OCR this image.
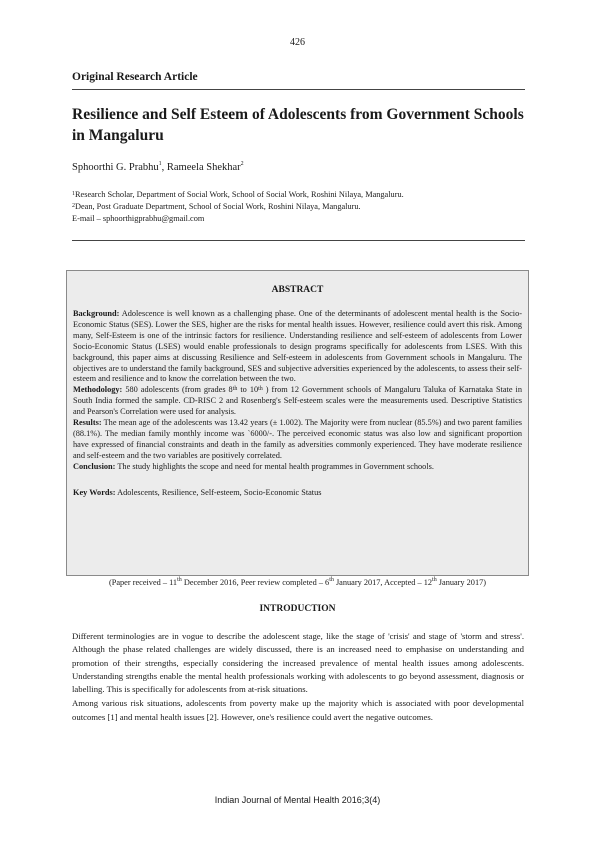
426
Original Research Article
Resilience and Self Esteem of Adolescents from Government Schools in Mangaluru
Sphoorthi G. Prabhu$^1$, Rameela Shekhar$^2$
$^1$Research Scholar, Department of Social Work, School of Social Work, Roshini Nilaya, Mangaluru.
$^2$Dean, Post Graduate Department, School of Social Work, Roshini Nilaya, Mangaluru.
E-mail – sphoorthigprabhu@gmail.com
ABSTRACT

Background: Adolescence is well known as a challenging phase. One of the determinants of adolescent mental health is the Socio-Economic Status (SES). Lower the SES, higher are the risks for mental health issues. However, resilience could avert this risk. Among many, Self-Esteem is one of the intrinsic factors for resilience. Understanding resilience and self-esteem of adolescents from Lower Socio-Economic Status (LSES) would enable professionals to design programs specifically for adolescents from LSES. With this background, this paper aims at discussing Resilience and Self-esteem in adolescents from Government schools in Mangaluru. The objectives are to understand the family background, SES and subjective adversities experienced by the adolescents, to assess their self-esteem and resilience and to know the correlation between the two.

Methodology: 580 adolescents (from grades 8th to 10th ) from 12 Government schools of Mangaluru Taluka of Karnataka State in South India formed the sample. CD-RISC 2 and Rosenberg's Self-esteem scales were the measurements used. Descriptive Statistics and Pearson's Correlation were used for analysis.

Results: The mean age of the adolescents was 13.42 years (± 1.002). The Majority were from nuclear (85.5%) and two parent families (88.1%). The median family monthly income was `6000/-. The perceived economic status was also low and significant proportion have expressed of financial constraints and death in the family as adversities commonly experienced. They have moderate resilience and self-esteem and the two variables are positively correlated.

Conclusion: The study highlights the scope and need for mental health programmes in Government schools.

Key Words: Adolescents, Resilience, Self-esteem, Socio-Economic Status

(Paper received – 11th December 2016, Peer review completed – 6th January 2017, Accepted – 12th January 2017)
INTRODUCTION

Different terminologies are in vogue to describe the adolescent stage, like the stage of 'crisis' and stage of 'storm and stress'. Although the phase related challenges are widely discussed, there is an increased need to emphasise on understanding and promotion of their strengths, especially considering the increased prevalence of mental health issues among adolescents. Understanding strengths enable the mental health professionals working with adolescents to go beyond assessment, diagnosis or labelling. This is specifically for adolescents from at-risk situations.

Among various risk situations, adolescents from poverty make up the majority which is associated with poor developmental outcomes [1] and mental health issues [2]. However, one's resilience could avert the negative outcomes.

Indian Journal of Mental Health 2016;3(4)
